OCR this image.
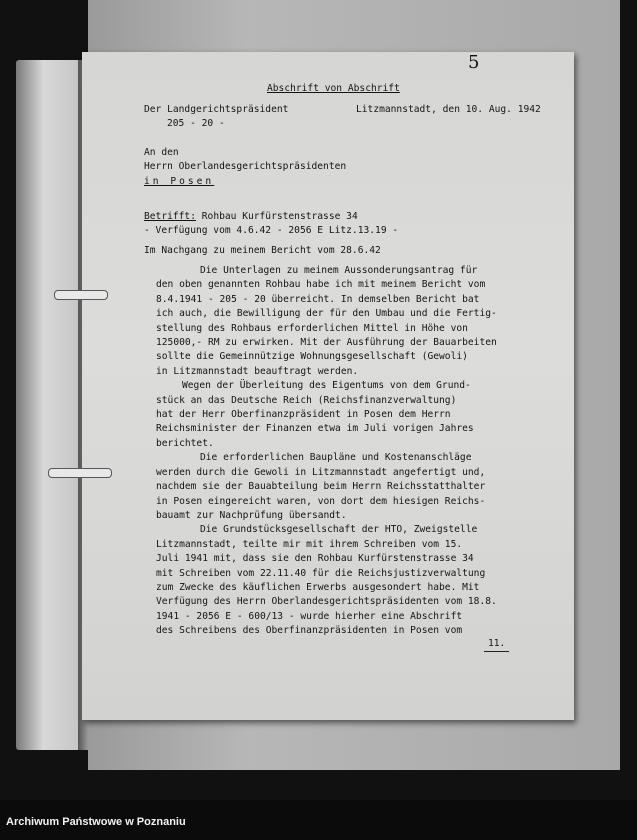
5
Abschrift von Abschrift
Der Landgerichtspräsident
205 - 20 -
Litzmannstadt, den 10. Aug. 1942
An den
Herrn Oberlandesgerichtspräsidenten
in Posen
Betrifft: Rohbau Kurfürstenstrasse 34
- Verfügung vom 4.6.42 - 2056 E Litz.13.19 -
Im Nachgang zu meinem Bericht vom 28.6.42

Die Unterlagen zu meinem Aussonderungsantrag für
den oben genannten Rohbau habe ich mit meinem Bericht vom
8.4.1941 - 205 - 20 überreicht. In demselben Bericht bat
ich auch, die Bewilligung der für den Umbau und die Fertig-
stellung des Rohbaus erforderlichen Mittel in Höhe von
125000,- RM zu erwirken. Mit der Ausführung der Bauarbeiten
sollte die Gemeinnützige Wohnungsgesellschaft (Gewoli)
in Litzmannstadt beauftragt werden.

Wegen der Überleitung des Eigentums von dem Grund-
stück an das Deutsche Reich (Reichsfinanzverwaltung)
hat der Herr Oberfinanzpräsident in Posen dem Herrn
Reichsminister der Finanzen etwa im Juli vorigen Jahres
berichtet.

Die erforderlichen Baupläne und Kostenanschläge
werden durch die Gewoli in Litzmannstadt angefertigt und,
nachdem sie der Bauabteilung beim Herrn Reichsstatthalter
in Posen eingereicht waren, von dort dem hiesigen Reichs-
bauamt zur Nachprüfung übersandt.

Die Grundstücksgesellschaft der HTO, Zweigstelle
Litzmannstadt, teilte mir mit ihrem Schreiben vom 15.
Juli 1941 mit, dass sie den Rohbau Kurfürstenstrasse 34
mit Schreiben vom 22.11.40 für die Reichsjustizverwaltung
zum Zwecke des käuflichen Erwerbs ausgesondert habe. Mit
Verfügung des Herrn Oberlandesgerichtspräsidenten vom 18.8.
1941 - 2056 E - 600/13 - wurde hierher eine Abschrift
des Schreibens des Oberfinanzpräsidenten in Posen vom

11.
Archiwum Państwowe w Poznaniu
